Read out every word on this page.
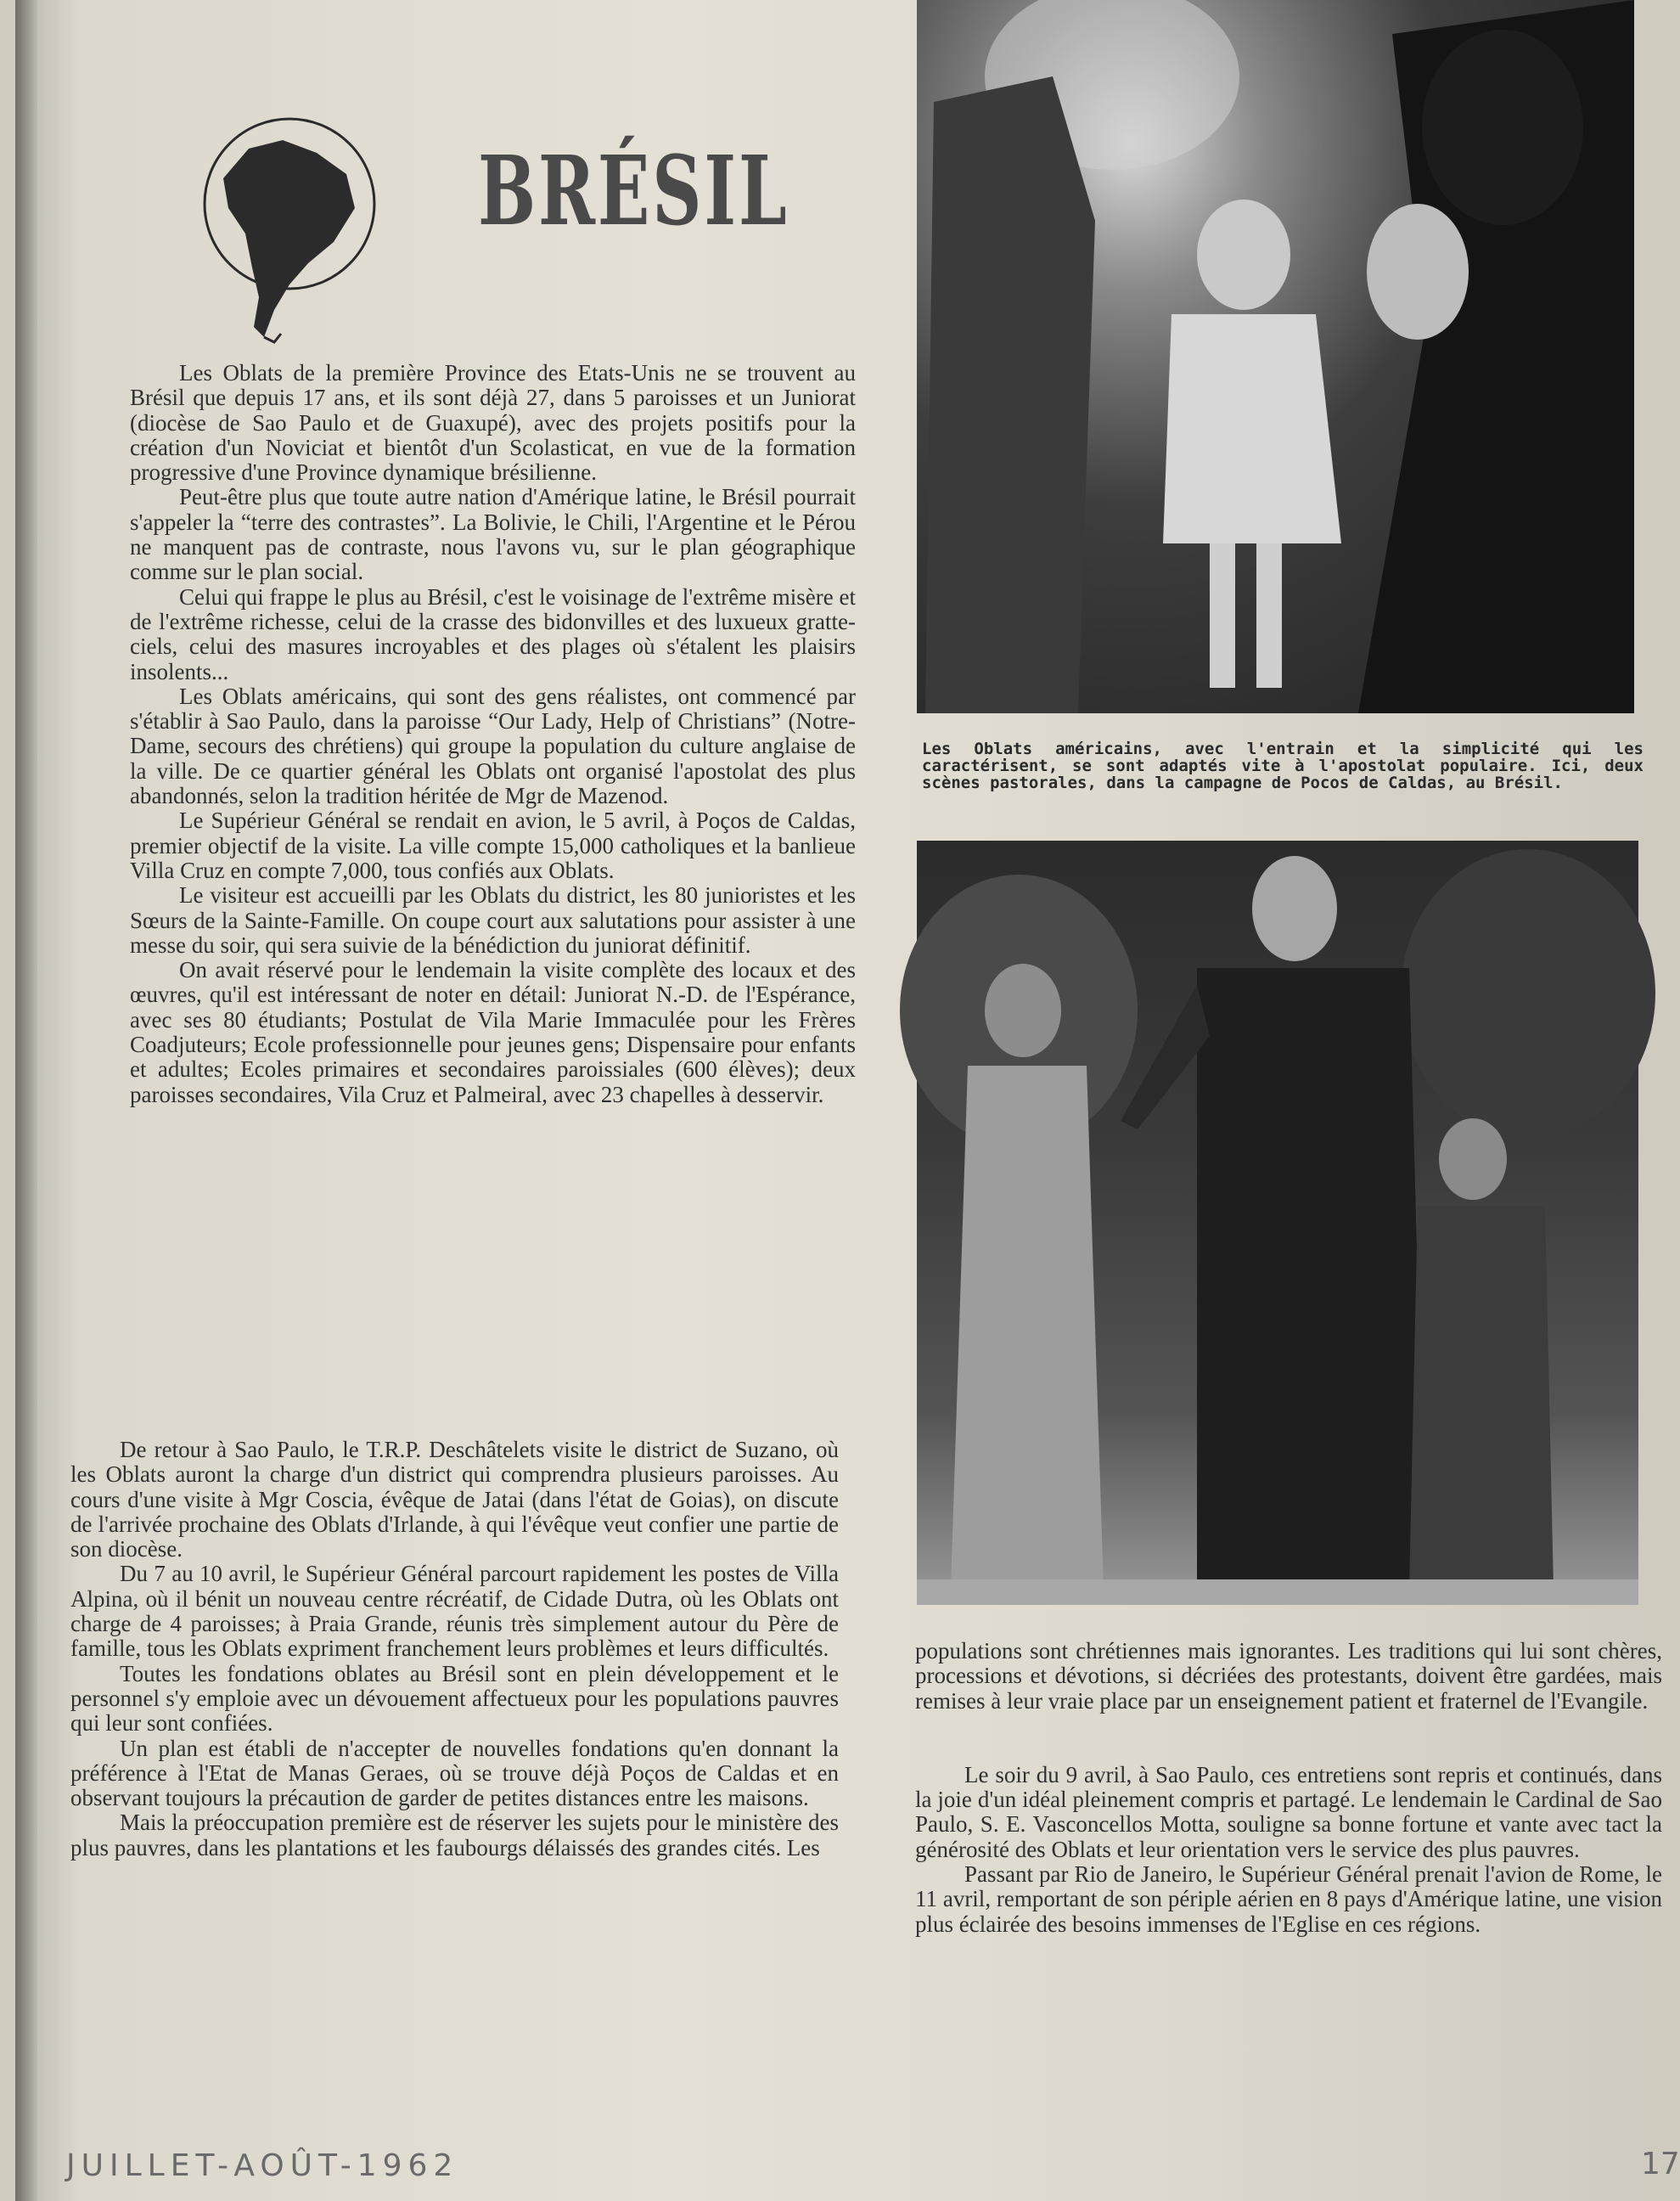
BRÉSIL

Les Oblats de la première Province des Etats-Unis ne se trouvent au Brésil que depuis 17 ans, et ils sont déjà 27, dans 5 paroisses et un Juniorat (diocèse de Sao Paulo et de Guaxupé), avec des projets positifs pour la création d'un Noviciat et bientôt d'un Scolasticat, en vue de la formation progressive d'une Province dynamique brésilienne.

Peut-être plus que toute autre nation d'Amérique latine, le Brésil pourrait s'appeler la “terre des contrastes”. La Bolivie, le Chili, l'Argentine et le Pérou ne manquent pas de contraste, nous l'avons vu, sur le plan géographique comme sur le plan social.

Celui qui frappe le plus au Brésil, c'est le voisinage de l'extrême misère et de l'extrême richesse, celui de la crasse des bidonvilles et des luxueux gratte-ciels, celui des masures incroyables et des plages où s'étalent les plaisirs insolents...

Les Oblats américains, qui sont des gens réalistes, ont commencé par s'établir à Sao Paulo, dans la paroisse “Our Lady, Help of Christians” (Notre-Dame, secours des chrétiens) qui groupe la population du culture anglaise de la ville. De ce quartier général les Oblats ont organisé l'apostolat des plus abandonnés, selon la tradition héritée de Mgr de Mazenod.

Le Supérieur Général se rendait en avion, le 5 avril, à Poços de Caldas, premier objectif de la visite. La ville compte 15,000 catholiques et la banlieue Villa Cruz en compte 7,000, tous confiés aux Oblats.

Le visiteur est accueilli par les Oblats du district, les 80 junioristes et les Sœurs de la Sainte-Famille. On coupe court aux salutations pour assister à une messe du soir, qui sera suivie de la bénédiction du juniorat définitif.

On avait réservé pour le lendemain la visite complète des locaux et des œuvres, qu'il est intéressant de noter en détail: Juniorat N.-D. de l'Espérance, avec ses 80 étudiants; Postulat de Vila Marie Immaculée pour les Frères Coadjuteurs; Ecole professionnelle pour jeunes gens; Dispensaire pour enfants et adultes; Ecoles primaires et secondaires paroissiales (600 élèves); deux paroisses secondaires, Vila Cruz et Palmeiral, avec 23 chapelles à desservir.

De retour à Sao Paulo, le T.R.P. Deschâtelets visite le district de Suzano, où les Oblats auront la charge d'un district qui comprendra plusieurs paroisses. Au cours d'une visite à Mgr Coscia, évêque de Jatai (dans l'état de Goias), on discute de l'arrivée prochaine des Oblats d'Irlande, à qui l'évêque veut confier une partie de son diocèse.

Du 7 au 10 avril, le Supérieur Général parcourt rapidement les postes de Villa Alpina, où il bénit un nouveau centre récréatif, de Cidade Dutra, où les Oblats ont charge de 4 paroisses; à Praia Grande, réunis très simplement autour du Père de famille, tous les Oblats expriment franchement leurs problèmes et leurs difficultés.

Toutes les fondations oblates au Brésil sont en plein développement et le personnel s'y emploie avec un dévouement affectueux pour les populations pauvres qui leur sont confiées.

Un plan est établi de n'accepter de nouvelles fondations qu'en donnant la préférence à l'Etat de Manas Geraes, où se trouve déjà Poços de Caldas et en observant toujours la précaution de garder de petites distances entre les maisons.

Mais la préoccupation première est de réserver les sujets pour le ministère des plus pauvres, dans les plantations et les faubourgs délaissés des grandes cités. Les

Les Oblats américains, avec l'entrain et la simplicité qui les caractérisent, se sont adaptés vite à l'apostolat populaire. Ici, deux scènes pastorales, dans la campagne de Pocos de Caldas, au Brésil.

populations sont chrétiennes mais ignorantes. Les traditions qui lui sont chères, processions et dévotions, si décriées des protestants, doivent être gardées, mais remises à leur vraie place par un enseignement patient et fraternel de l'Evangile.

Le soir du 9 avril, à Sao Paulo, ces entretiens sont repris et continués, dans la joie d'un idéal pleinement compris et partagé. Le lendemain le Cardinal de Sao Paulo, S. E. Vasconcellos Motta, souligne sa bonne fortune et vante avec tact la générosité des Oblats et leur orientation vers le service des plus pauvres.

Passant par Rio de Janeiro, le Supérieur Général prenait l'avion de Rome, le 11 avril, remportant de son périple aérien en 8 pays d'Amérique latine, une vision plus éclairée des besoins immenses de l'Eglise en ces régions.

JUILLET-AOÛT-1962	17
